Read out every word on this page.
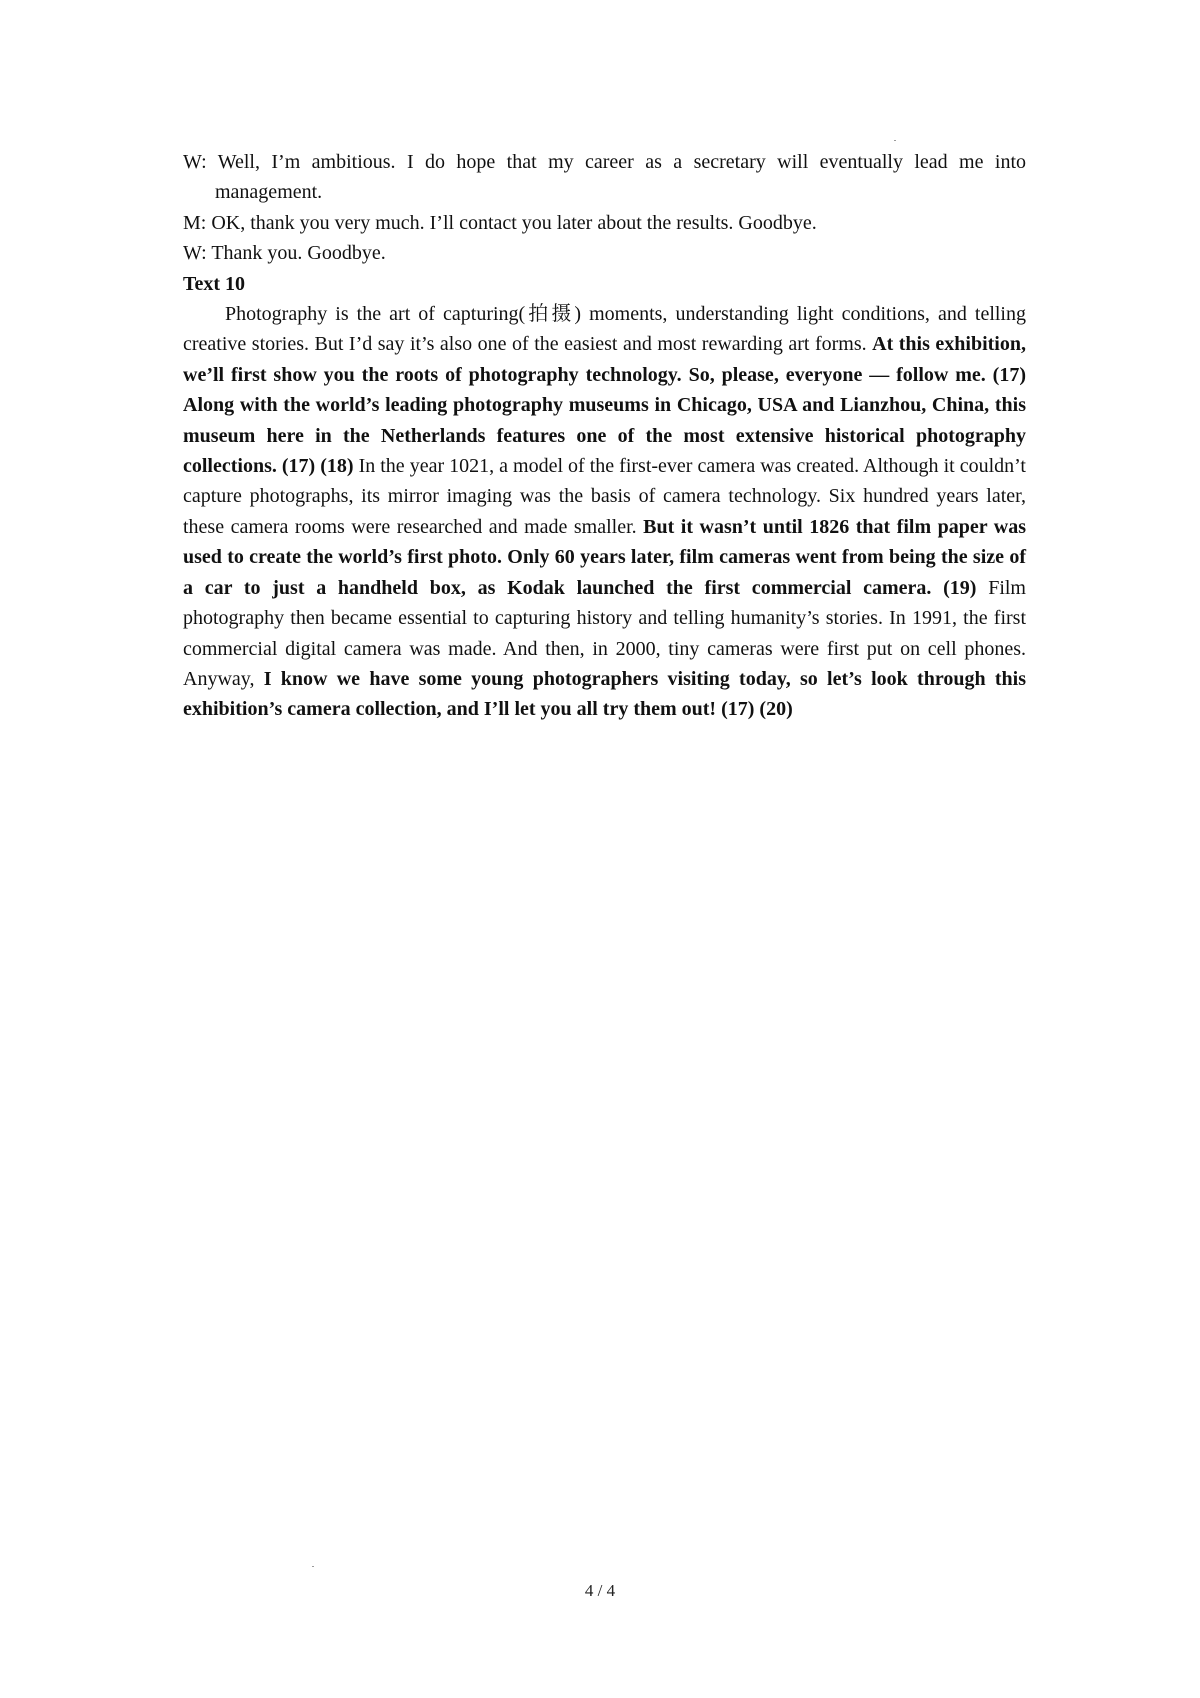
W: Well, I’m ambitious. I do hope that my career as a secretary will eventually lead me into management.

M: OK, thank you very much. I’ll contact you later about the results. Goodbye.

W: Thank you. Goodbye.

Text 10

Photography is the art of capturing(拍摄) moments, understanding light conditions, and telling creative stories. But I’d say it’s also one of the easiest and most rewarding art forms. At this exhibition, we’ll first show you the roots of photography technology. So, please, everyone — follow me. (17) Along with the world’s leading photography museums in Chicago, USA and Lianzhou, China, this museum here in the Netherlands features one of the most extensive historical photography collections. (17) (18) In the year 1021, a model of the first-ever camera was created. Although it couldn’t capture photographs, its mirror imaging was the basis of camera technology. Six hundred years later, these camera rooms were researched and made smaller. But it wasn’t until 1826 that film paper was used to create the world’s first photo. Only 60 years later, film cameras went from being the size of a car to just a handheld box, as Kodak launched the first commercial camera. (19) Film photography then became essential to capturing history and telling humanity’s stories. In 1991, the first commercial digital camera was made. And then, in 2000, tiny cameras were first put on cell phones. Anyway, I know we have some young photographers visiting today, so let’s look through this exhibition’s camera collection, and I’ll let you all try them out! (17) (20)

4 / 4
